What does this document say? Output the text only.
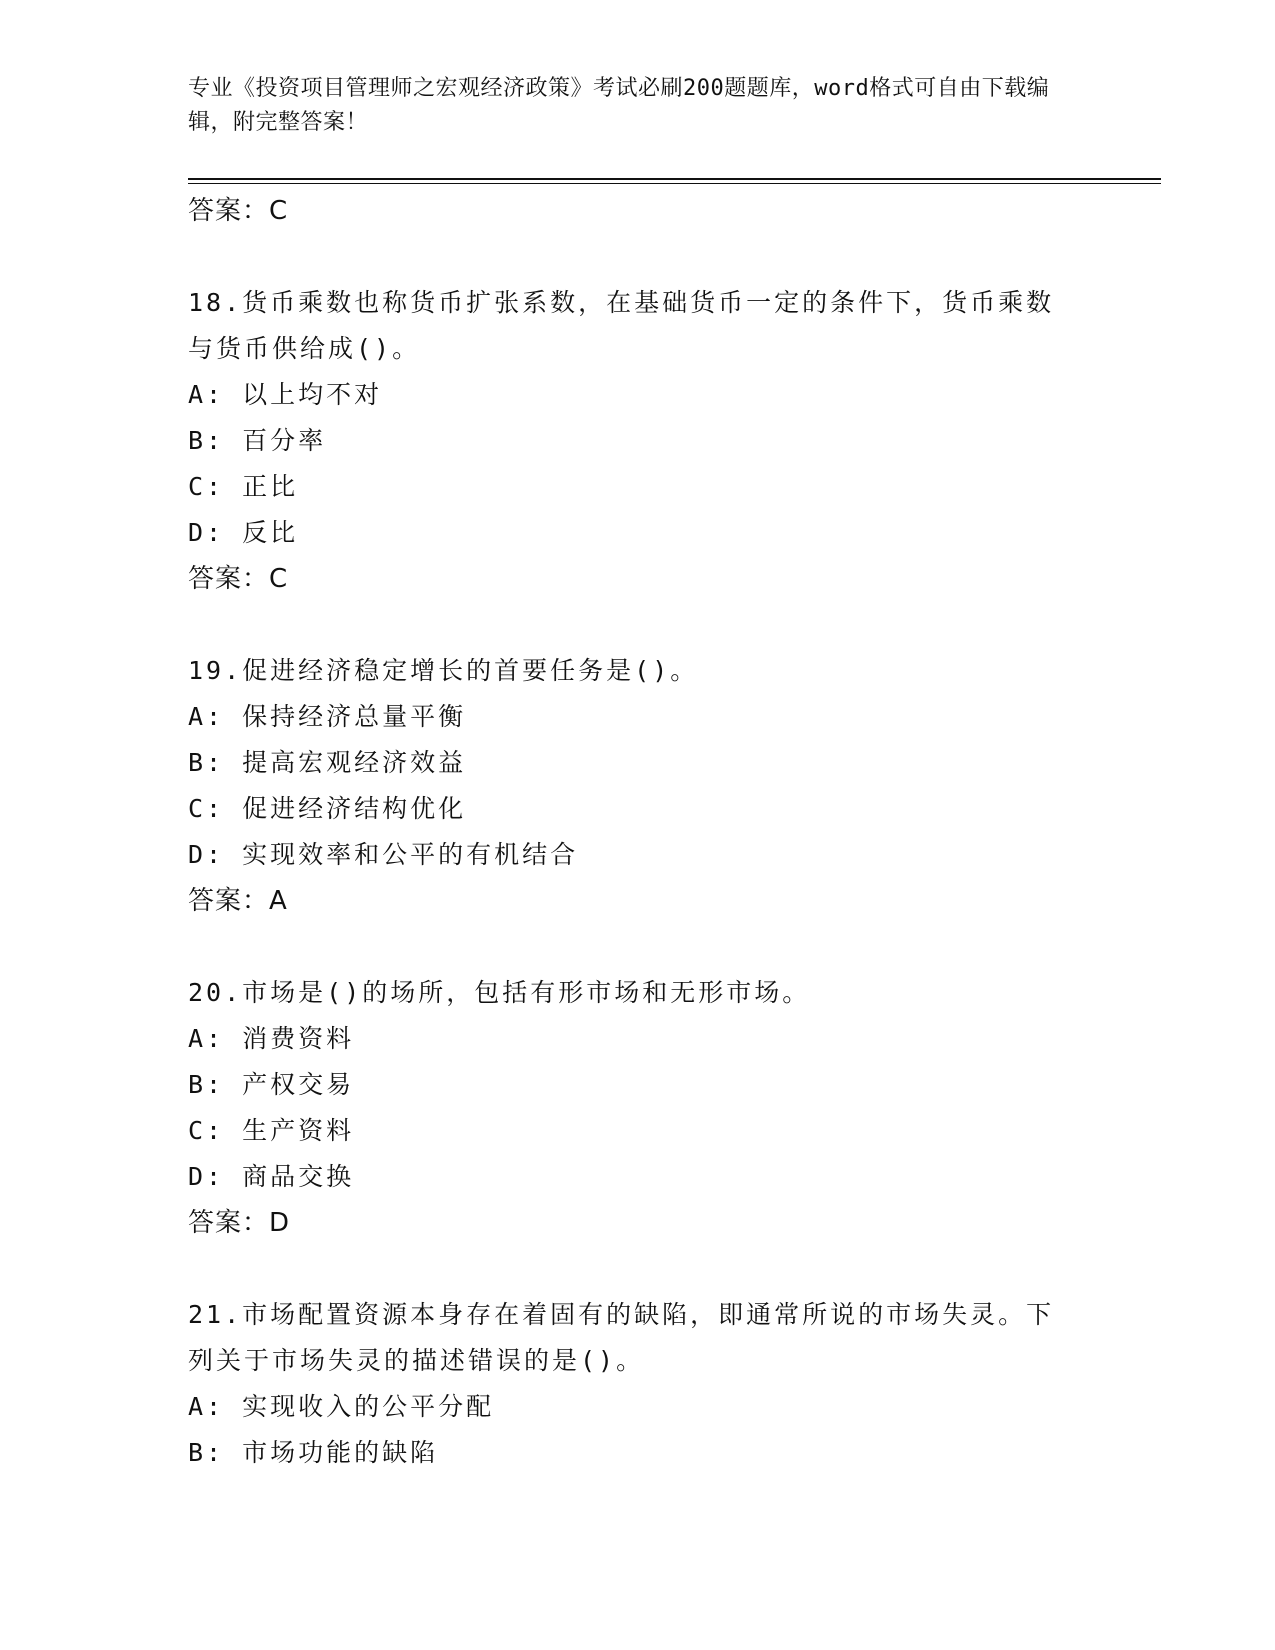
专业《投资项目管理师之宏观经济政策》考试必刷200题题库，word格式可自由下载编辑，附完整答案！
答案：C
18.货币乘数也称货币扩张系数，在基础货币一定的条件下，货币乘数
与货币供给成()。
A: 以上均不对
B: 百分率
C: 正比
D: 反比
答案：C
19.促进经济稳定增长的首要任务是()。
A: 保持经济总量平衡
B: 提高宏观经济效益
C: 促进经济结构优化
D: 实现效率和公平的有机结合
答案：A
20.市场是()的场所，包括有形市场和无形市场。
A: 消费资料
B: 产权交易
C: 生产资料
D: 商品交换
答案：D
21.市场配置资源本身存在着固有的缺陷，即通常所说的市场失灵。下
列关于市场失灵的描述错误的是()。
A: 实现收入的公平分配
B: 市场功能的缺陷
